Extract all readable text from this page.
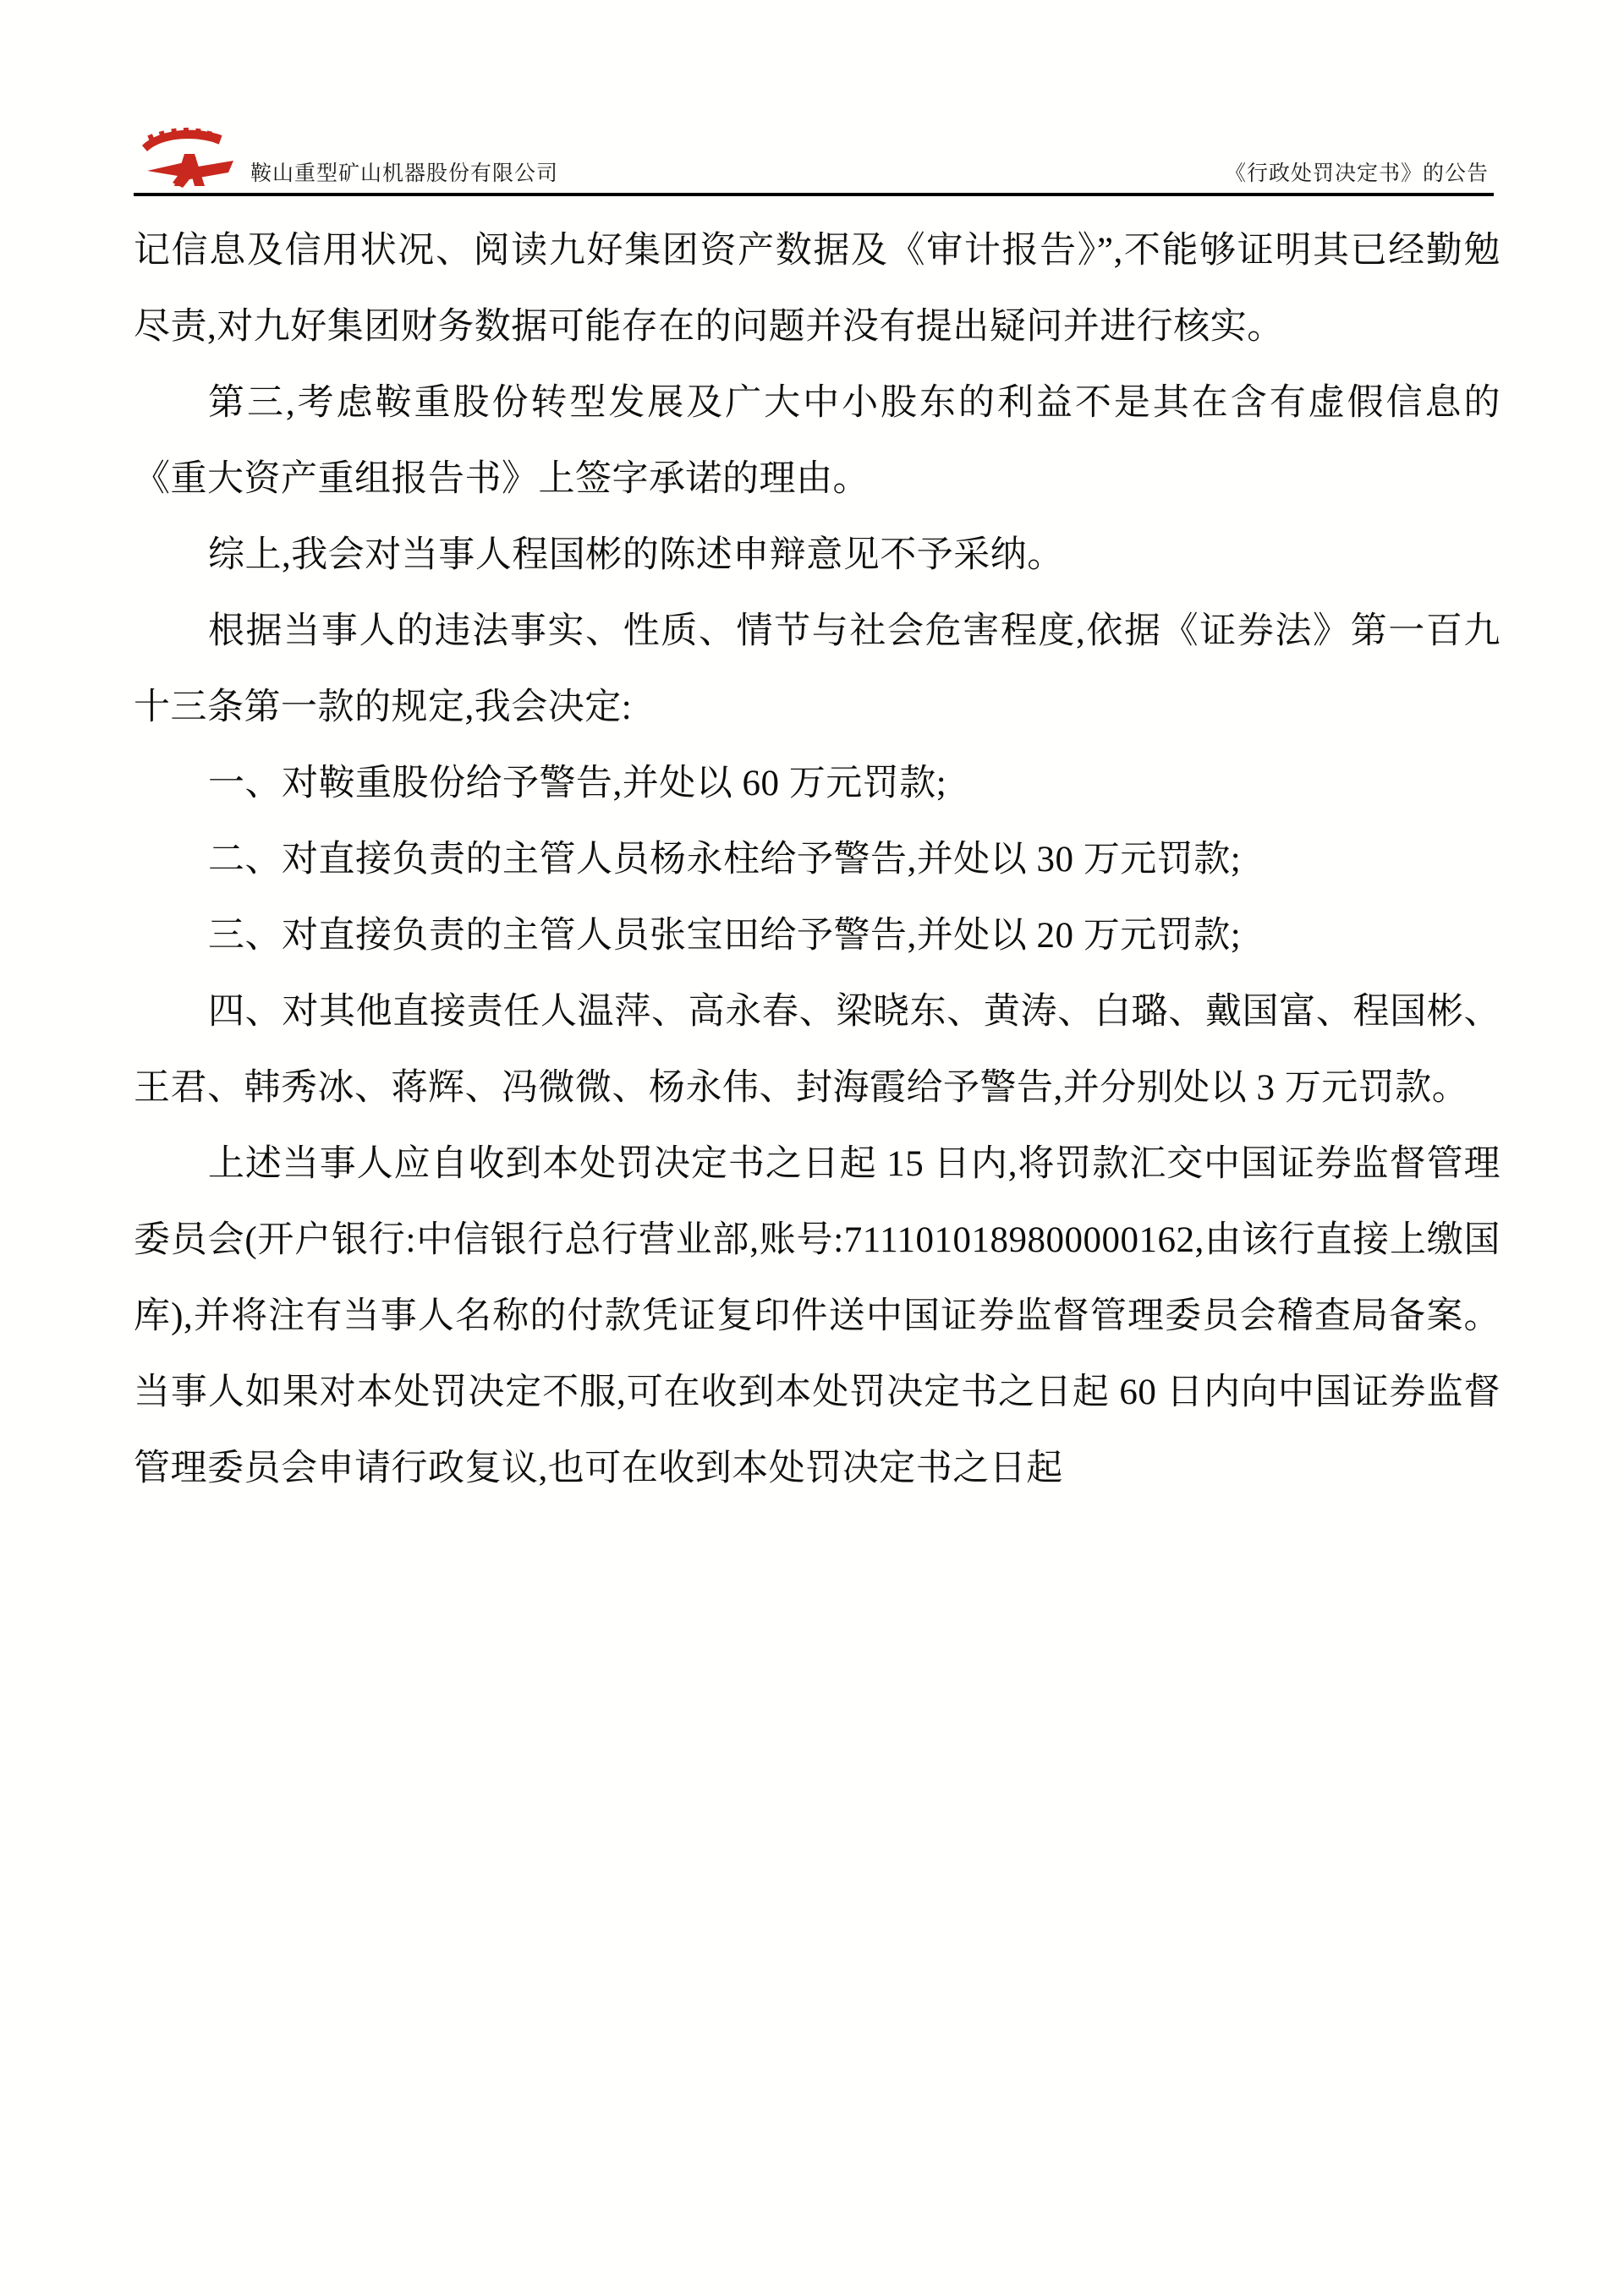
鞍山重型矿山机器股份有限公司	《行政处罚决定书》的公告

记信息及信用状况、阅读九好集团资产数据及《审计报告》”,不能够证明其已经勤勉尽责,对九好集团财务数据可能存在的问题并没有提出疑问并进行核实。

第三,考虑鞍重股份转型发展及广大中小股东的利益不是其在含有虚假信息的《重大资产重组报告书》上签字承诺的理由。

综上,我会对当事人程国彬的陈述申辩意见不予采纳。

根据当事人的违法事实、性质、情节与社会危害程度,依据《证券法》第一百九十三条第一款的规定,我会决定:

一、对鞍重股份给予警告,并处以 60 万元罚款;

二、对直接负责的主管人员杨永柱给予警告,并处以 30 万元罚款;

三、对直接负责的主管人员张宝田给予警告,并处以 20 万元罚款;

四、对其他直接责任人温萍、高永春、梁晓东、黄涛、白璐、戴国富、程国彬、王君、韩秀冰、蒋辉、冯微微、杨永伟、封海霞给予警告,并分别处以 3 万元罚款。

上述当事人应自收到本处罚决定书之日起 15 日内,将罚款汇交中国证券监督管理委员会(开户银行:中信银行总行营业部,账号:7111010189800000162,由该行直接上缴国库),并将注有当事人名称的付款凭证复印件送中国证券监督管理委员会稽查局备案。当事人如果对本处罚决定不服,可在收到本处罚决定书之日起 60 日内向中国证券监督管理委员会申请行政复议,也可在收到本处罚决定书之日起
